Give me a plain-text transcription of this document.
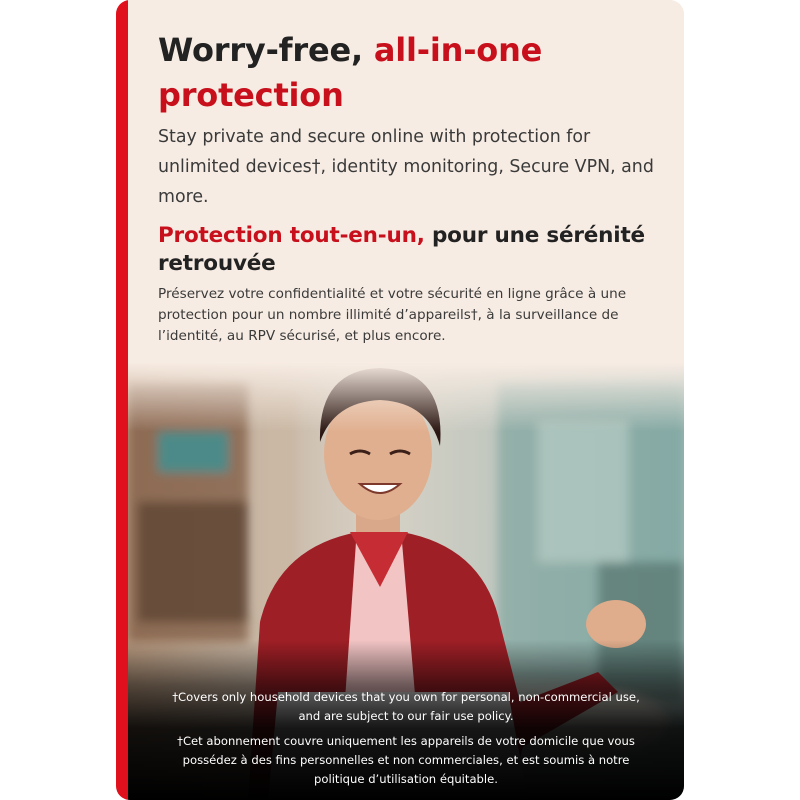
Worry-free, all-in-one
protection

Stay private and secure online with protection for unlimited devices†, identity monitoring, Secure VPN, and more.

Protection tout-en-un, pour une sérénité retrouvée

Préservez votre confidentialité et votre sécurité en ligne grâce à une protection pour un nombre illimité d’appareils†, à la surveillance de l’identité, au RPV sécurisé, et plus encore.

†Covers only household devices that you own for personal, non-commercial use,
and are subject to our fair use policy.

†Cet abonnement couvre uniquement les appareils de votre domicile que vous
possédez à des fins personnelles et non commerciales, et est soumis à notre
politique d’utilisation équitable.
